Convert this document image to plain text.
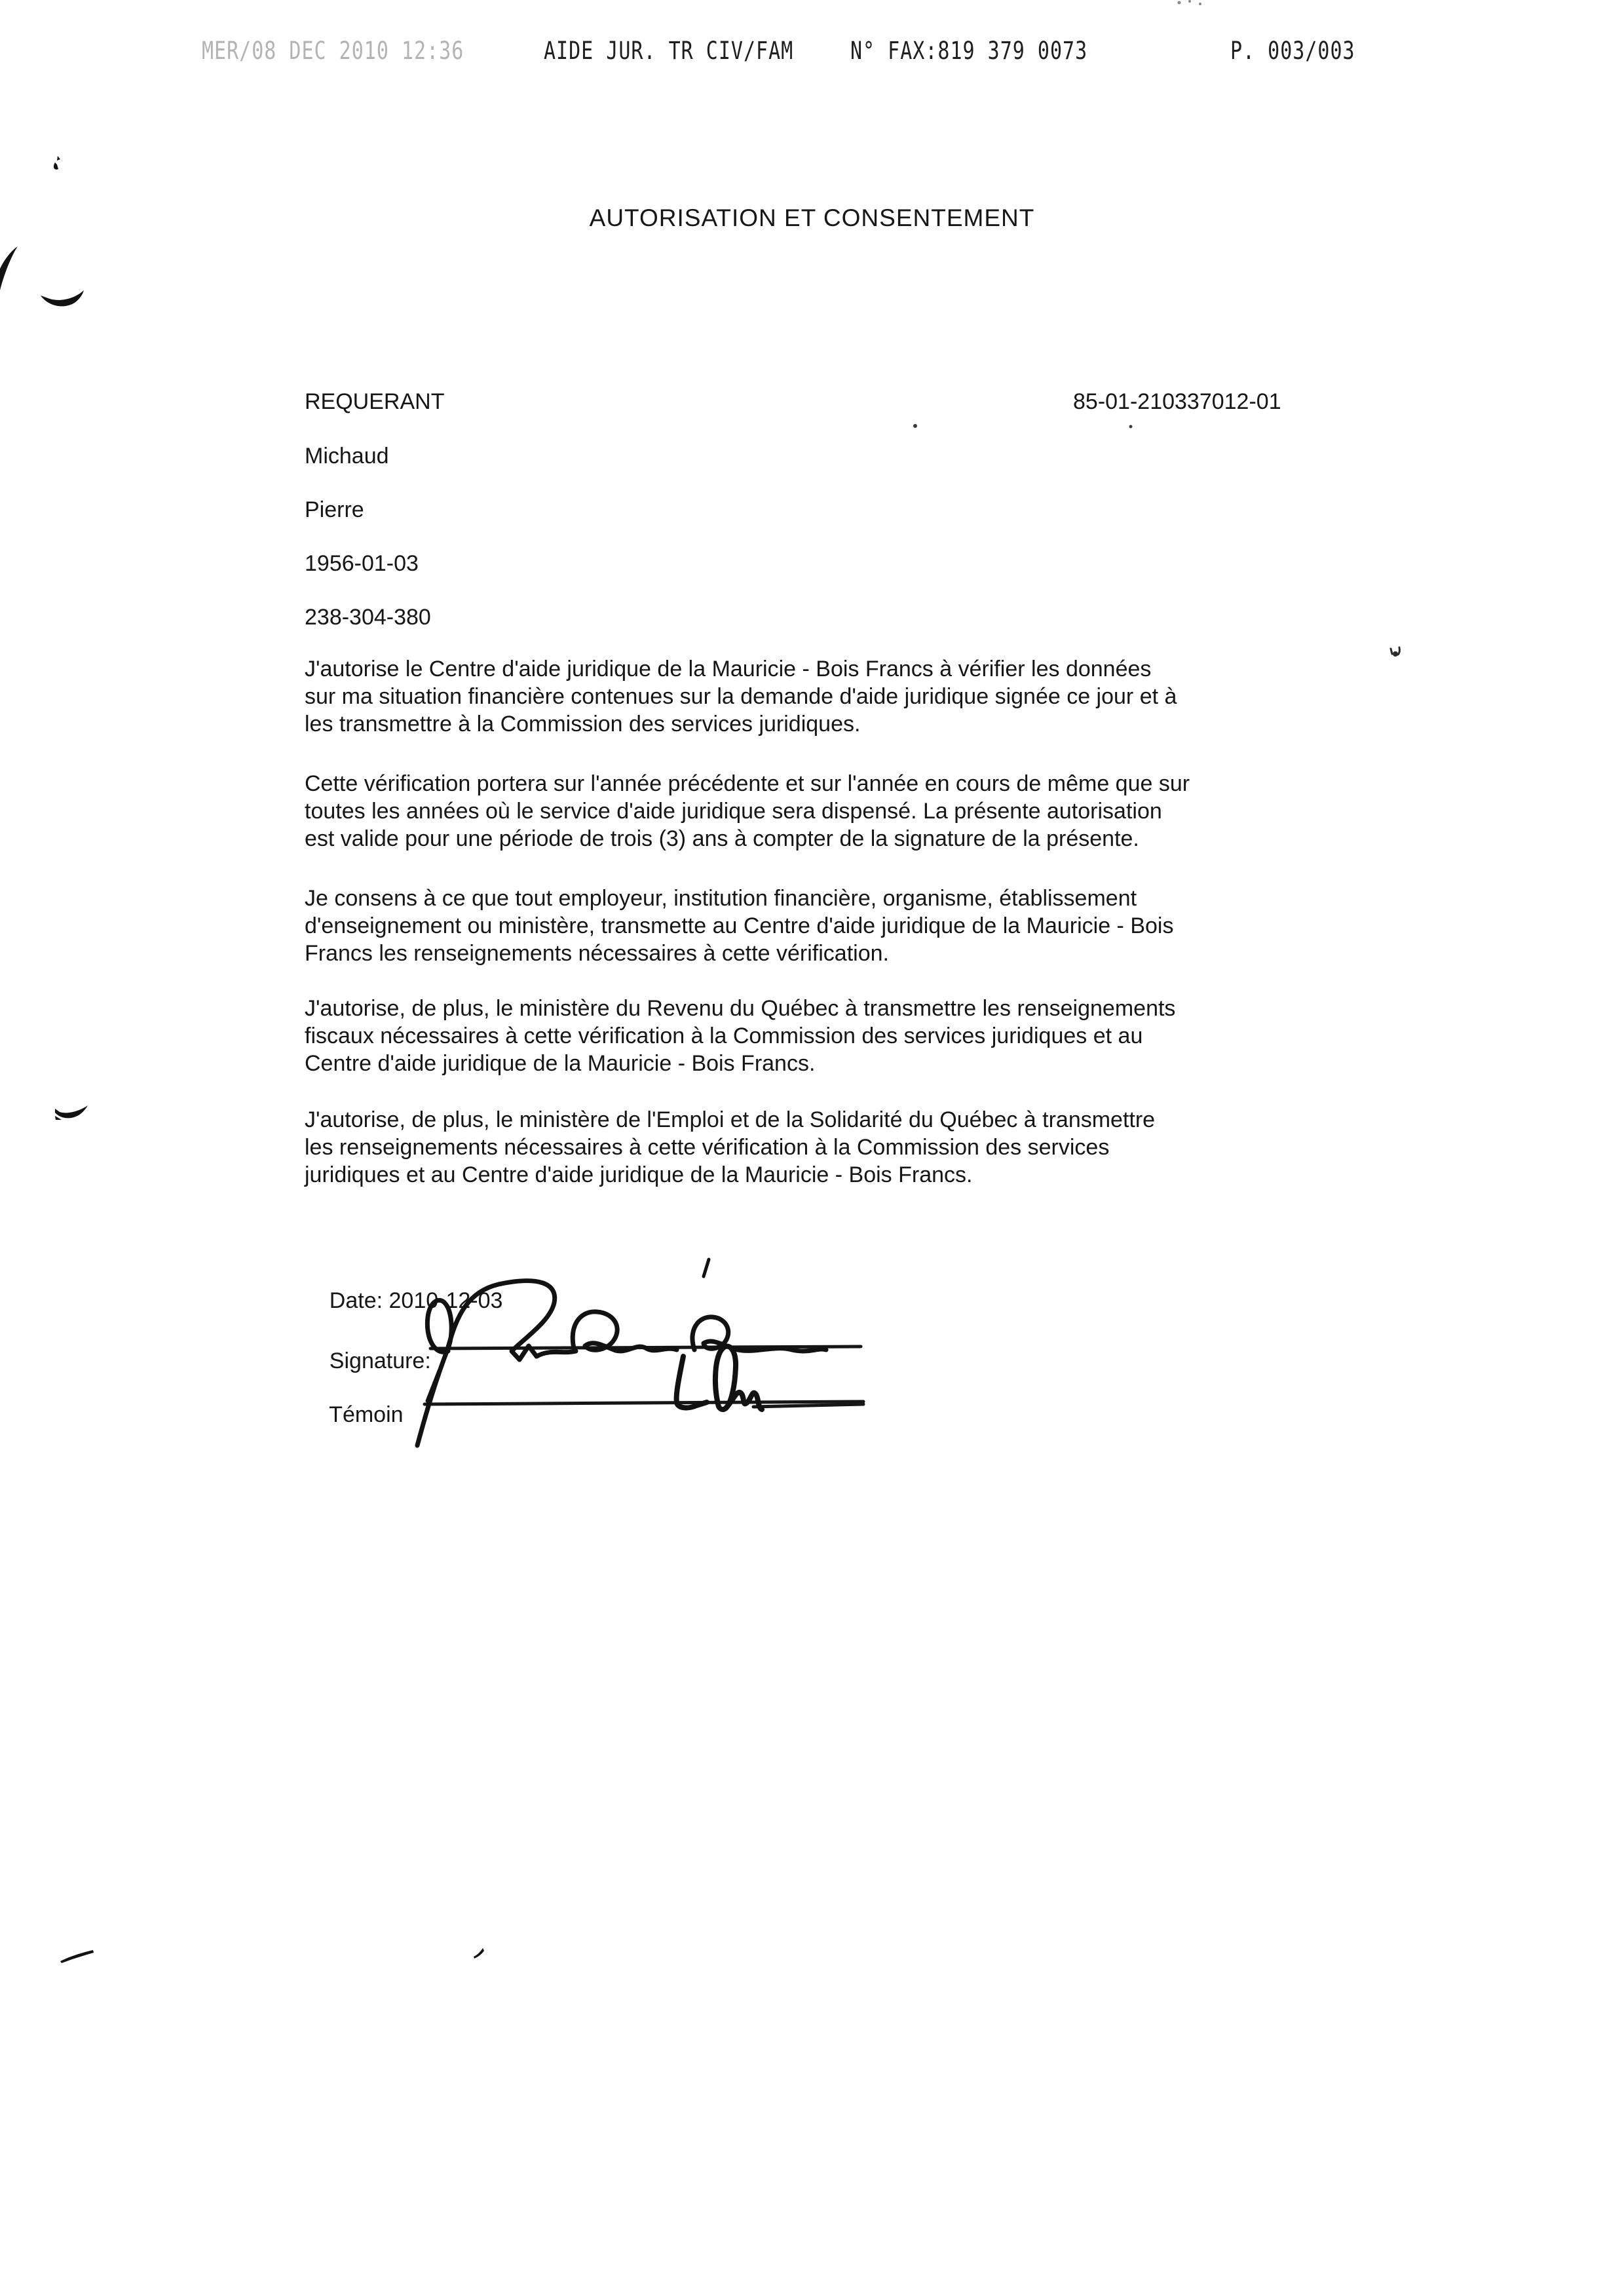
MER/08 DEC 2010 12:36	AIDE JUR. TR CIV/FAM	N° FAX:819 379 0073	P. 003/003
AUTORISATION ET CONSENTEMENT
REQUERANT	85-01-210337012-01
Michaud
Pierre
1956-01-03
238-304-380
J'autorise le Centre d'aide juridique de la Mauricie - Bois Francs à vérifier les données
sur ma situation financière contenues sur la demande d'aide juridique signée ce jour et à
les transmettre à la Commission des services juridiques.
Cette vérification portera sur l'année précédente et sur l'année en cours de même que sur
toutes les années où le service d'aide juridique sera dispensé. La présente autorisation
est valide pour une période de trois (3) ans à compter de la signature de la présente.
Je consens à ce que tout employeur, institution financière, organisme, établissement
d'enseignement ou ministère, transmette au Centre d'aide juridique de la Mauricie - Bois
Francs les renseignements nécessaires à cette vérification.
J'autorise, de plus, le ministère du Revenu du Québec à transmettre les renseignements
fiscaux nécessaires à cette vérification à la Commission des services juridiques et au
Centre d'aide juridique de la Mauricie - Bois Francs.
J'autorise, de plus, le ministère de l'Emploi et de la Solidarité du Québec à transmettre
les renseignements nécessaires à cette vérification à la Commission des services
juridiques et au Centre d'aide juridique de la Mauricie - Bois Francs.

Date: 2010-12-03

Signature:

Témoin
